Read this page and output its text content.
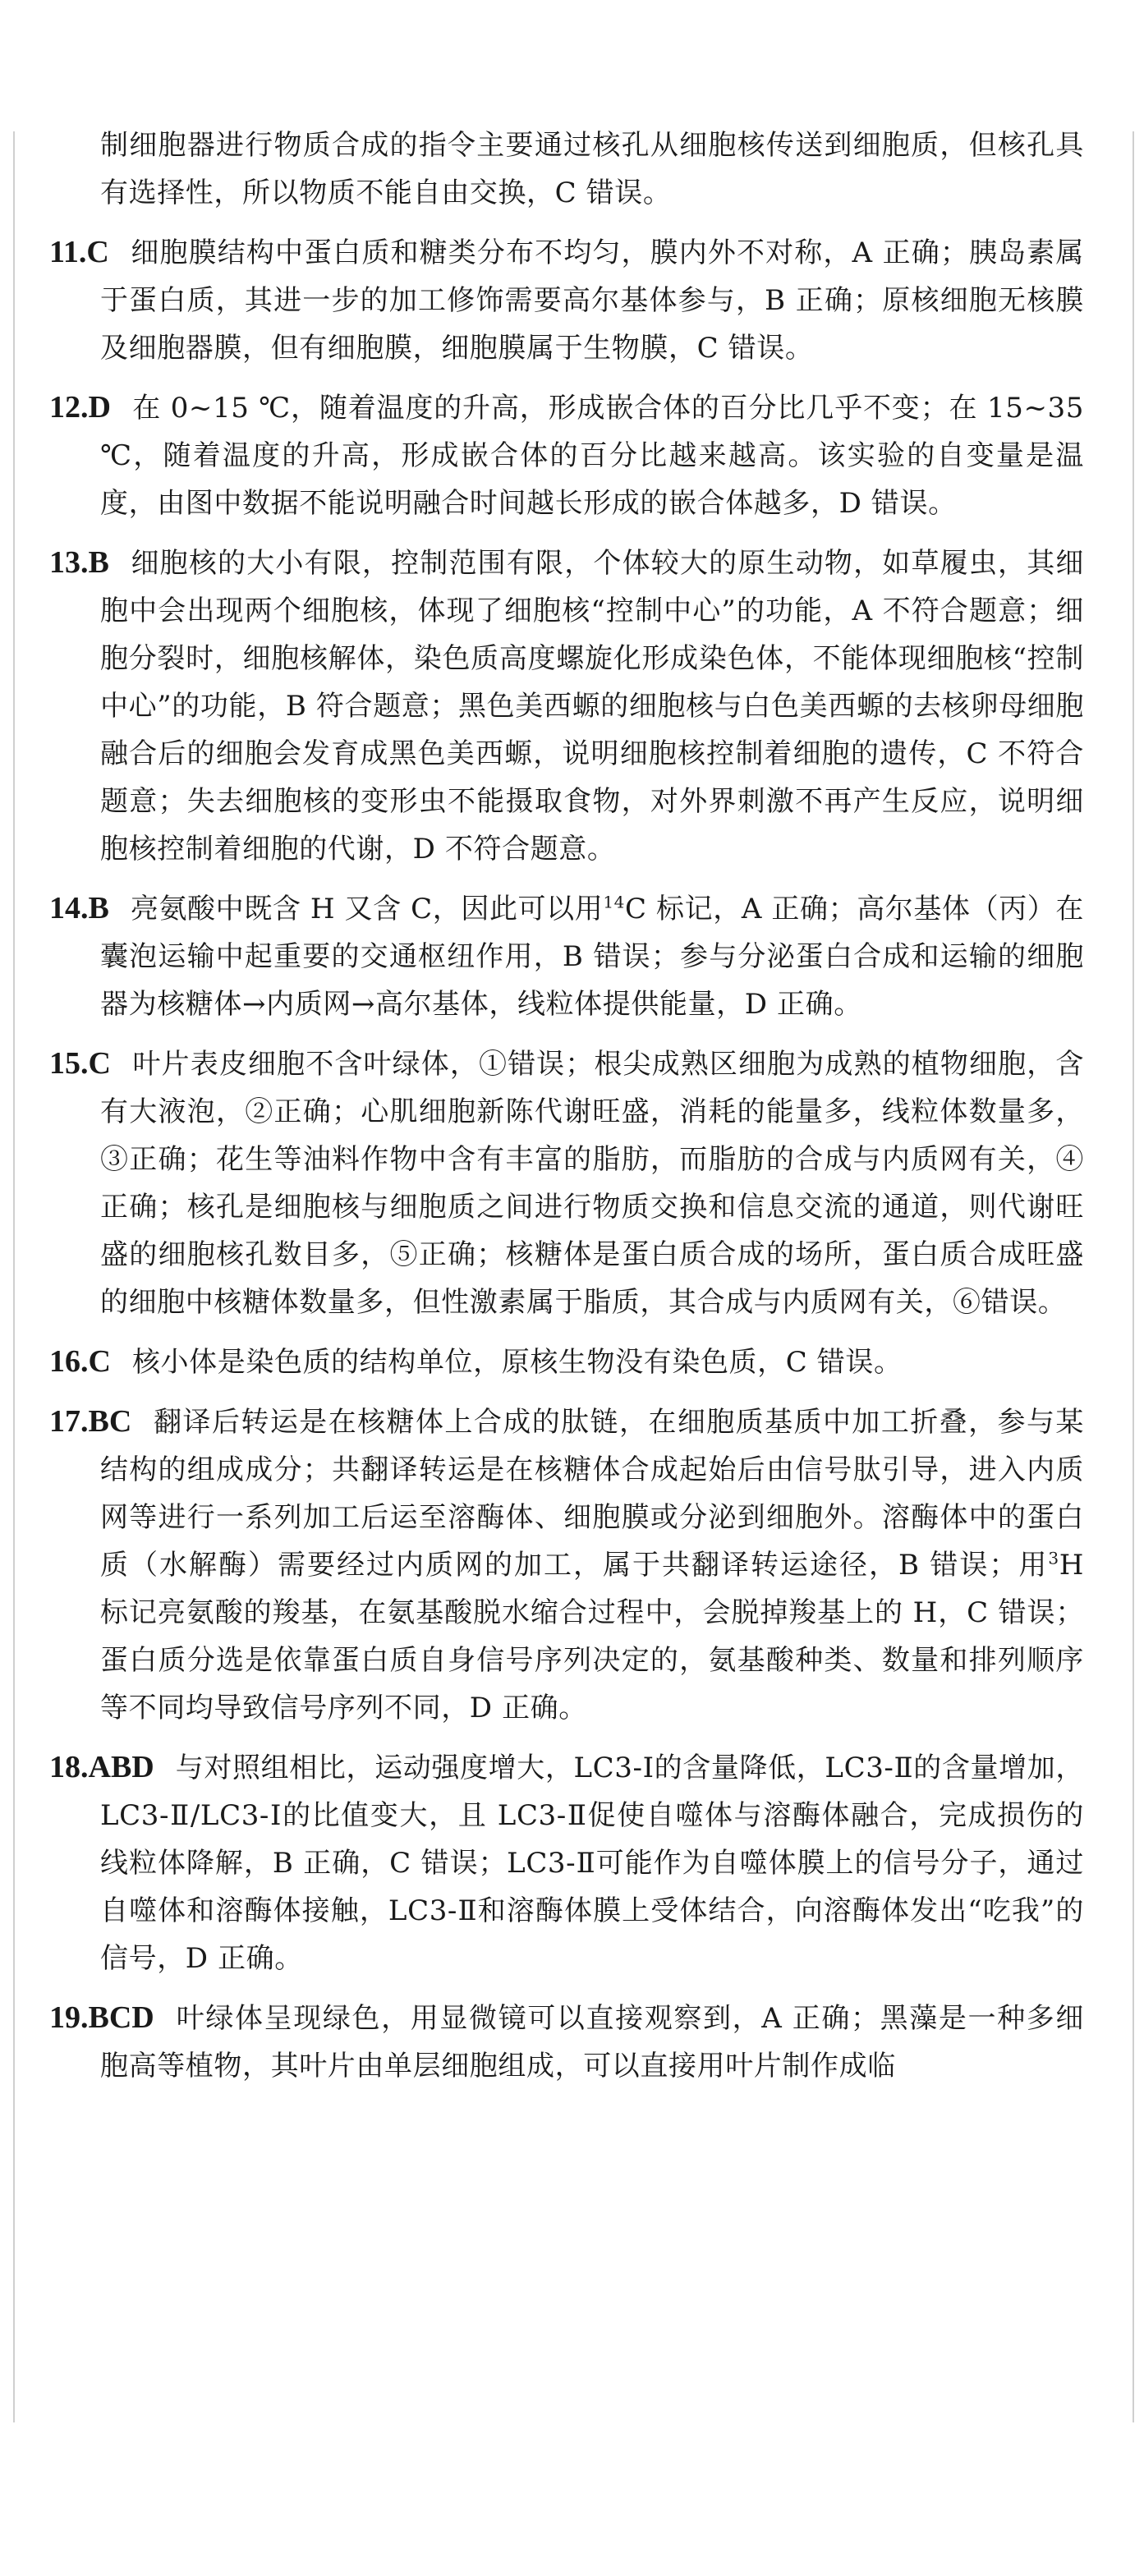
制细胞器进行物质合成的指令主要通过核孔从细胞核传送到细胞质，但核孔具有选择性，所以物质不能自由交换，C 错误。

11.C 细胞膜结构中蛋白质和糖类分布不均匀，膜内外不对称，A 正确；胰岛素属于蛋白质，其进一步的加工修饰需要高尔基体参与，B 正确；原核细胞无核膜及细胞器膜，但有细胞膜，细胞膜属于生物膜，C 错误。

12.D 在 0~15 ℃，随着温度的升高，形成嵌合体的百分比几乎不变；在 15~35 ℃，随着温度的升高，形成嵌合体的百分比越来越高。该实验的自变量是温度，由图中数据不能说明融合时间越长形成的嵌合体越多，D 错误。

13.B 细胞核的大小有限，控制范围有限，个体较大的原生动物，如草履虫，其细胞中会出现两个细胞核，体现了细胞核“控制中心”的功能，A 不符合题意；细胞分裂时，细胞核解体，染色质高度螺旋化形成染色体，不能体现细胞核“控制中心”的功能，B 符合题意；黑色美西螈的细胞核与白色美西螈的去核卵母细胞融合后的细胞会发育成黑色美西螈，说明细胞核控制着细胞的遗传，C 不符合题意；失去细胞核的变形虫不能摄取食物，对外界刺激不再产生反应，说明细胞核控制着细胞的代谢，D 不符合题意。

14.B 亮氨酸中既含 H 又含 C，因此可以用$^{14}$C 标记，A 正确；高尔基体（丙）在囊泡运输中起重要的交通枢纽作用，B 错误；参与分泌蛋白合成和运输的细胞器为核糖体→内质网→高尔基体，线粒体提供能量，D 正确。

15.C 叶片表皮细胞不含叶绿体，①错误；根尖成熟区细胞为成熟的植物细胞，含有大液泡，②正确；心肌细胞新陈代谢旺盛，消耗的能量多，线粒体数量多，③正确；花生等油料作物中含有丰富的脂肪，而脂肪的合成与内质网有关，④正确；核孔是细胞核与细胞质之间进行物质交换和信息交流的通道，则代谢旺盛的细胞核孔数目多，⑤正确；核糖体是蛋白质合成的场所，蛋白质合成旺盛的细胞中核糖体数量多，但性激素属于脂质，其合成与内质网有关，⑥错误。

16.C 核小体是染色质的结构单位，原核生物没有染色质，C 错误。

17.BC 翻译后转运是在核糖体上合成的肽链，在细胞质基质中加工折叠，参与某结构的组成成分；共翻译转运是在核糖体合成起始后由信号肽引导，进入内质网等进行一系列加工后运至溶酶体、细胞膜或分泌到细胞外。溶酶体中的蛋白质（水解酶）需要经过内质网的加工，属于共翻译转运途径，B 错误；用$^3$H 标记亮氨酸的羧基，在氨基酸脱水缩合过程中，会脱掉羧基上的 H，C 错误；蛋白质分选是依靠蛋白质自身信号序列决定的，氨基酸种类、数量和排列顺序等不同均导致信号序列不同，D 正确。

18.ABD 与对照组相比，运动强度增大，LC3-Ⅰ的含量降低，LC3-Ⅱ的含量增加，LC3-Ⅱ/LC3-Ⅰ的比值变大，且 LC3-Ⅱ促使自噬体与溶酶体融合，完成损伤的线粒体降解，B 正确，C 错误；LC3-Ⅱ可能作为自噬体膜上的信号分子，通过自噬体和溶酶体接触，LC3-Ⅱ和溶酶体膜上受体结合，向溶酶体发出“吃我”的信号，D 正确。

19.BCD 叶绿体呈现绿色，用显微镜可以直接观察到，A 正确；黑藻是一种多细胞高等植物，其叶片由单层细胞组成，可以直接用叶片制作成临
